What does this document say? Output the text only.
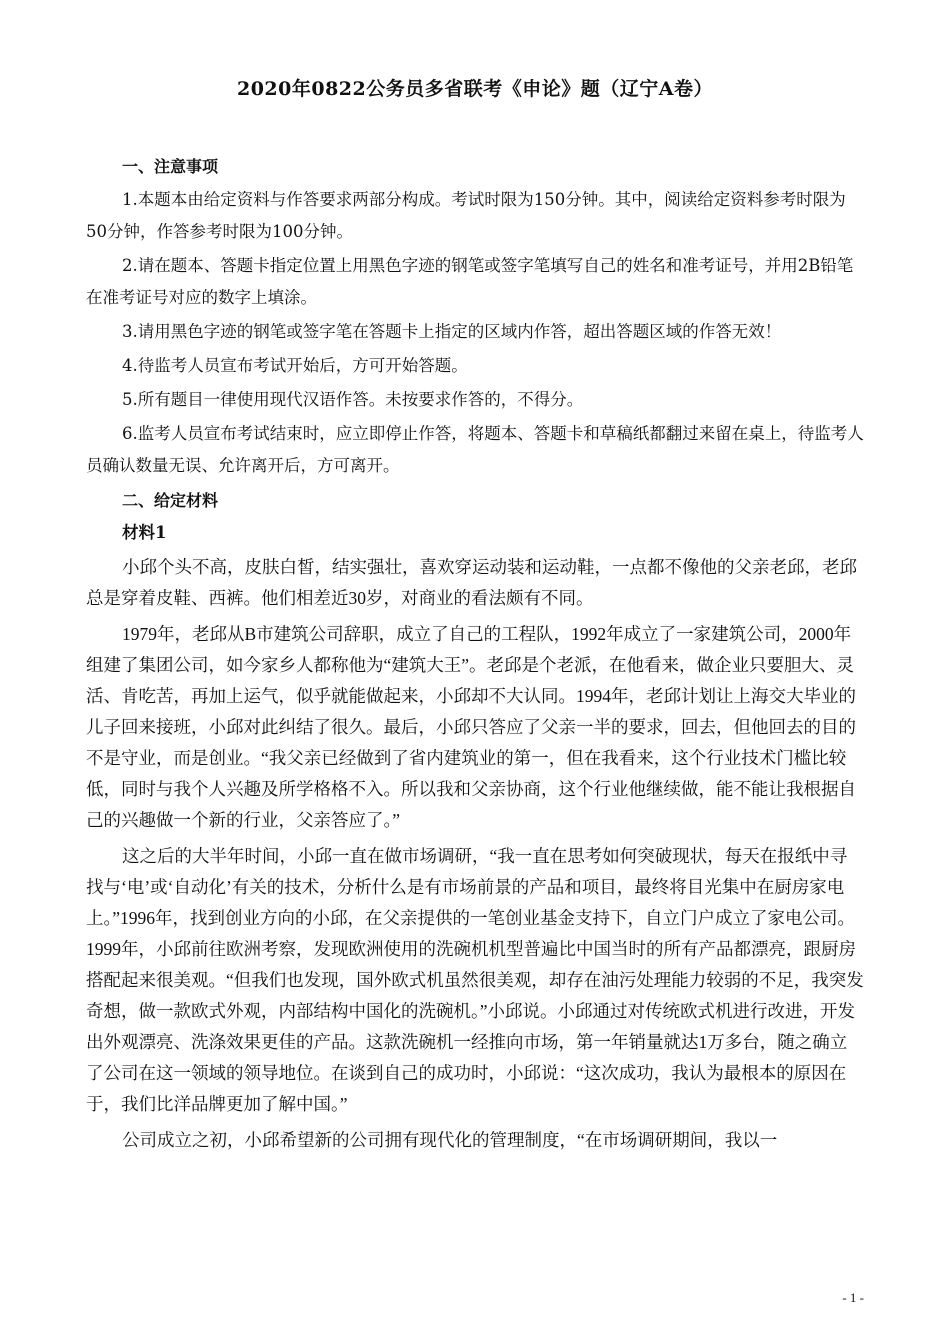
2020年0822公务员多省联考《申论》题（辽宁A卷）
一、注意事项

1.本题本由给定资料与作答要求两部分构成。考试时限为150分钟。其中，阅读给定资料参考时限为50分钟，作答参考时限为100分钟。

2.请在题本、答题卡指定位置上用黑色字迹的钢笔或签字笔填写自己的姓名和准考证号，并用2B铅笔在准考证号对应的数字上填涂。

3.请用黑色字迹的钢笔或签字笔在答题卡上指定的区域内作答，超出答题区域的作答无效！

4.待监考人员宣布考试开始后，方可开始答题。

5.所有题目一律使用现代汉语作答。未按要求作答的，不得分。

6.监考人员宣布考试结束时，应立即停止作答，将题本、答题卡和草稿纸都翻过来留在桌上，待监考人员确认数量无误、允许离开后，方可离开。

二、给定材料
材料1

小邱个头不高，皮肤白皙，结实强壮，喜欢穿运动装和运动鞋，一点都不像他的父亲老邱，老邱总是穿着皮鞋、西裤。他们相差近30岁，对商业的看法颇有不同。

1979年，老邱从B市建筑公司辞职，成立了自己的工程队，1992年成立了一家建筑公司，2000年组建了集团公司，如今家乡人都称他为“建筑大王”。老邱是个老派，在他看来，做企业只要胆大、灵活、肯吃苦，再加上运气，似乎就能做起来，小邱却不大认同。1994年，老邱计划让上海交大毕业的儿子回来接班，小邱对此纠结了很久。最后，小邱只答应了父亲一半的要求，回去，但他回去的目的不是守业，而是创业。“我父亲已经做到了省内建筑业的第一，但在我看来，这个行业技术门槛比较低，同时与我个人兴趣及所学格格不入。所以我和父亲协商，这个行业他继续做，能不能让我根据自己的兴趣做一个新的行业，父亲答应了。”

这之后的大半年时间，小邱一直在做市场调研，“我一直在思考如何突破现状，每天在报纸中寻找与‘电’或‘自动化’有关的技术，分析什么是有市场前景的产品和项目，最终将目光集中在厨房家电上。”1996年，找到创业方向的小邱，在父亲提供的一笔创业基金支持下，自立门户成立了家电公司。1999年，小邱前往欧洲考察，发现欧洲使用的洗碗机机型普遍比中国当时的所有产品都漂亮，跟厨房搭配起来很美观。“但我们也发现，国外欧式机虽然很美观，却存在油污处理能力较弱的不足，我突发奇想，做一款欧式外观，内部结构中国化的洗碗机。”小邱说。小邱通过对传统欧式机进行改进，开发出外观漂亮、洗涤效果更佳的产品。这款洗碗机一经推向市场，第一年销量就达1万多台，随之确立了公司在这一领域的领导地位。在谈到自己的成功时，小邱说：“这次成功，我认为最根本的原因在于，我们比洋品牌更加了解中国。”

公司成立之初，小邱希望新的公司拥有现代化的管理制度，“在市场调研期间，我以一

- 1 -
